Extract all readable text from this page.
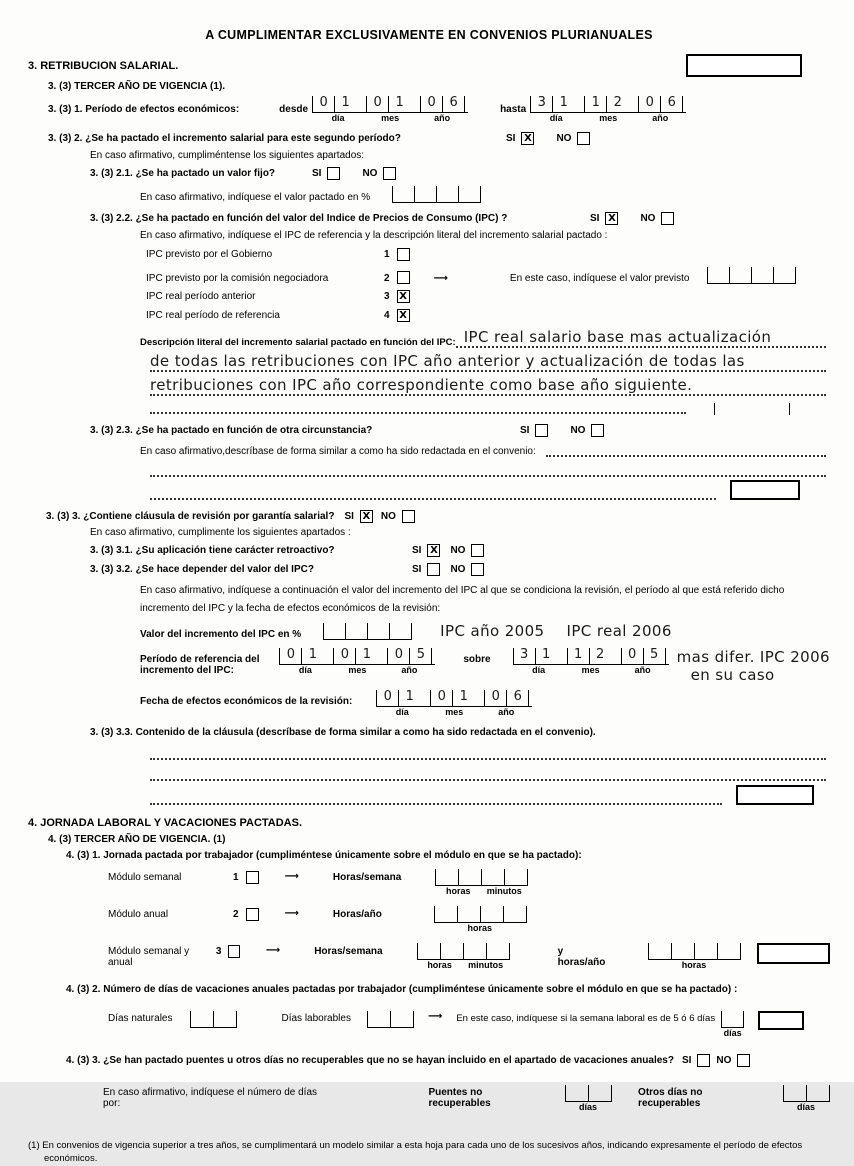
A CUMPLIMENTAR EXCLUSIVAMENTE EN CONVENIOS PLURIANUALES
3. RETRIBUCION SALARIAL.
3. (3) TERCER AÑO DE VIGENCIA (1).
3. (3) 1. Período de efectos económicos:	desde 0	1	0	1	0	6
día	mes	año
hasta 3	1	1	2	0	6
día	mes	año
3. (3) 2. ¿Se ha pactado el incremento salarial para este segundo período?	SI X NO
En caso afirmativo, cumpliméntense los siguientes apartados:
3. (3) 2.1. ¿Se ha pactado un valor fijo?	SI	NO
En caso afirmativo, indíquese el valor pactado en %
3. (3) 2.2. ¿Se ha pactado en función del valor del Indice de Precios de Consumo (IPC) ?	SI X NO
En caso afirmativo, indíquese el IPC de referencia y la descripción literal del incremento salarial pactado :
IPC previsto por el Gobierno	1
IPC previsto por la comisión negociadora	2	⟶	En este caso, indíquese el valor previsto
IPC real período anterior	3 X
IPC real período de referencia	4 X
Descripción literal del incremento salarial pactado en función del IPC: IPC real salario base mas actualización
de todas las retribuciones con IPC año anterior y actualización de todas las
retribuciones con IPC año correspondiente como base año siguiente.
3. (3) 2.3. ¿Se ha pactado en función de otra circunstancia?	SI	NO
En caso afirmativo,descríbase de forma similar a como ha sido redactada en el convenio:
3. (3) 3. ¿Contiene cláusula de revisión por garantía salarial? SI X NO
En caso afirmativo, cumplimente los siguientes apartados :
3. (3) 3.1. ¿Su aplicación tiene carácter retroactivo?	SI X NO
3. (3) 3.2. ¿Se hace depender del valor del IPC?	SI	NO
En caso afirmativo, indíquese a continuación el valor del incremento del IPC al que se condiciona la revisión, el período al que está referido dicho incremento del IPC y la fecha de efectos económicos de la revisión:
Valor del incremento del IPC en %	IPC año 2005 IPC real 2006
Período de referencia del incremento del IPC:
0	1	0	1	0	5
día	mes	año
sobre	3	1	1	2	0	5
día	mes	año
mas difer. IPC 2006
en su caso
Fecha de efectos económicos de la revisión:	0	1	0	1	0	6
día	mes	año
3. (3) 3.3. Contenido de la cláusula (descríbase de forma similar a como ha sido redactada en el convenio).
4. JORNADA LABORAL Y VACACIONES PACTADAS.
4. (3) TERCER AÑO DE VIGENCIA. (1)
4. (3) 1. Jornada pactada por trabajador (cumpliméntese únicamente sobre el módulo en que se ha pactado):
Módulo semanal	1	⟶	Horas/semana
horas	minutos
Módulo anual	2	⟶	Horas/año
horas
Módulo semanal y anual
3	⟶	Horas/semana
horas	minutos
y horas/año	horas
4. (3) 2. Número de días de vacaciones anuales pactadas por trabajador (cumpliméntese únicamente sobre el módulo en que se ha pactado) :
Días naturales	Días laborables	⟶ En este caso, indíquese si la semana laboral es de 5 ó 6 días
días
4. (3) 3. ¿Se han pactado puentes u otros días no recuperables que no se hayan incluido en el apartado de vacaciones anuales? SI	NO
En caso afirmativo, indíquese el número de días por:
Puentes no recuperables	días
Otros días no recuperables	días
(1) En convenios de vigencia superior a tres años, se cumplimentará un modelo similar a esta hoja para cada uno de los sucesivos años, indicando expresamente el período de efectos económicos.
